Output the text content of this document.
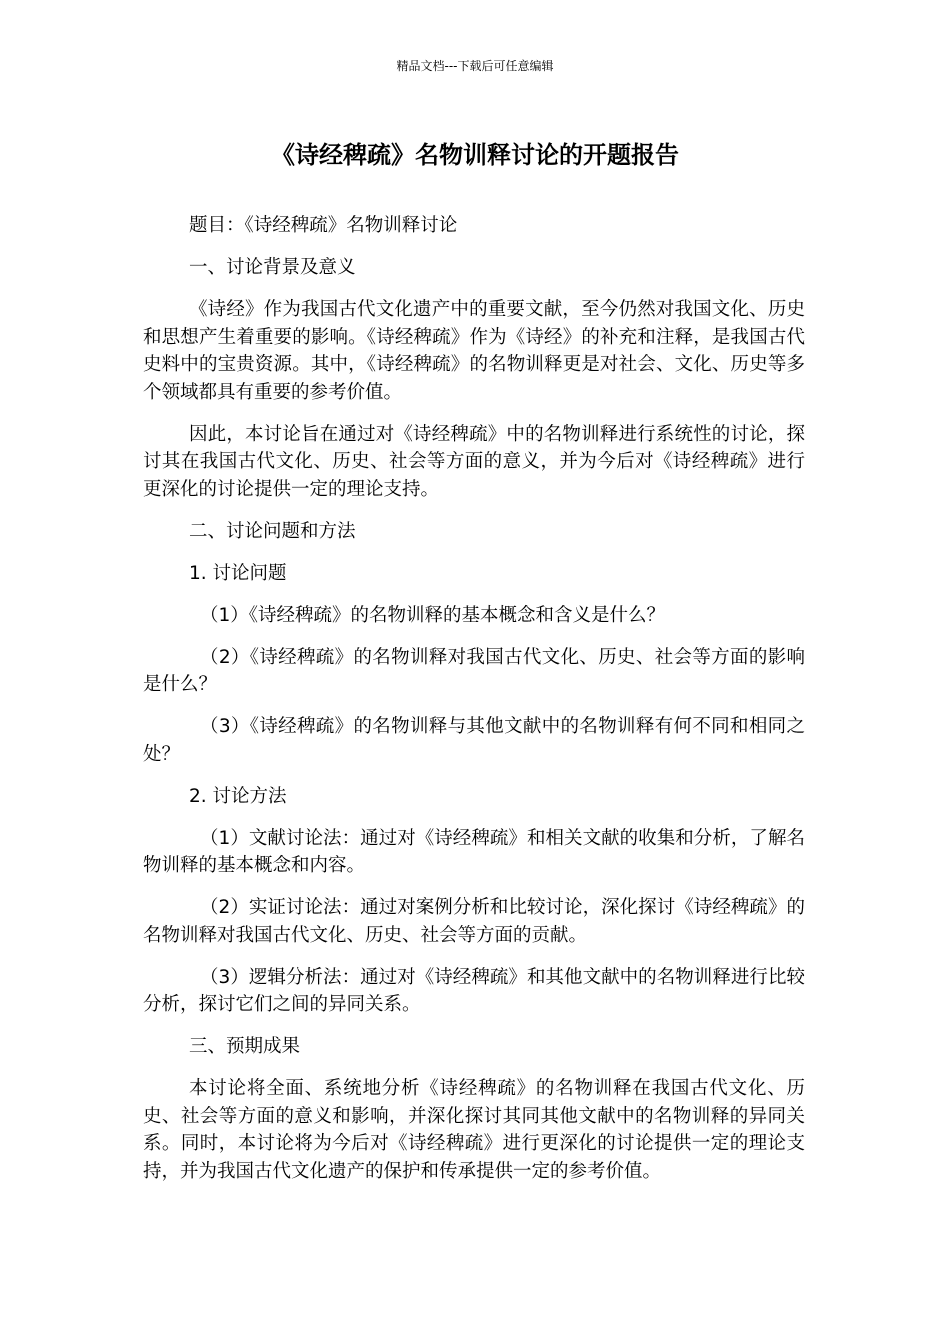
精品文档---下载后可任意编辑
《诗经稗疏》名物训释讨论的开题报告

题目：《诗经稗疏》名物训释讨论

一、讨论背景及意义

《诗经》作为我国古代文化遗产中的重要文献，至今仍然对我国文化、历史和思想产生着重要的影响。《诗经稗疏》作为《诗经》的补充和注释，是我国古代史料中的宝贵资源。其中，《诗经稗疏》的名物训释更是对社会、文化、历史等多个领域都具有重要的参考价值。

因此，本讨论旨在通过对《诗经稗疏》中的名物训释进行系统性的讨论，探讨其在我国古代文化、历史、社会等方面的意义，并为今后对《诗经稗疏》进行更深化的讨论提供一定的理论支持。

二、讨论问题和方法

1. 讨论问题

（1）《诗经稗疏》的名物训释的基本概念和含义是什么？

（2）《诗经稗疏》的名物训释对我国古代文化、历史、社会等方面的影响是什么？

（3）《诗经稗疏》的名物训释与其他文献中的名物训释有何不同和相同之处？

2. 讨论方法

（1）文献讨论法：通过对《诗经稗疏》和相关文献的收集和分析，了解名物训释的基本概念和内容。

（2）实证讨论法：通过对案例分析和比较讨论，深化探讨《诗经稗疏》的名物训释对我国古代文化、历史、社会等方面的贡献。

（3）逻辑分析法：通过对《诗经稗疏》和其他文献中的名物训释进行比较分析，探讨它们之间的异同关系。

三、预期成果

本讨论将全面、系统地分析《诗经稗疏》的名物训释在我国古代文化、历史、社会等方面的意义和影响，并深化探讨其同其他文献中的名物训释的异同关系。同时，本讨论将为今后对《诗经稗疏》进行更深化的讨论提供一定的理论支持，并为我国古代文化遗产的保护和传承提供一定的参考价值。
